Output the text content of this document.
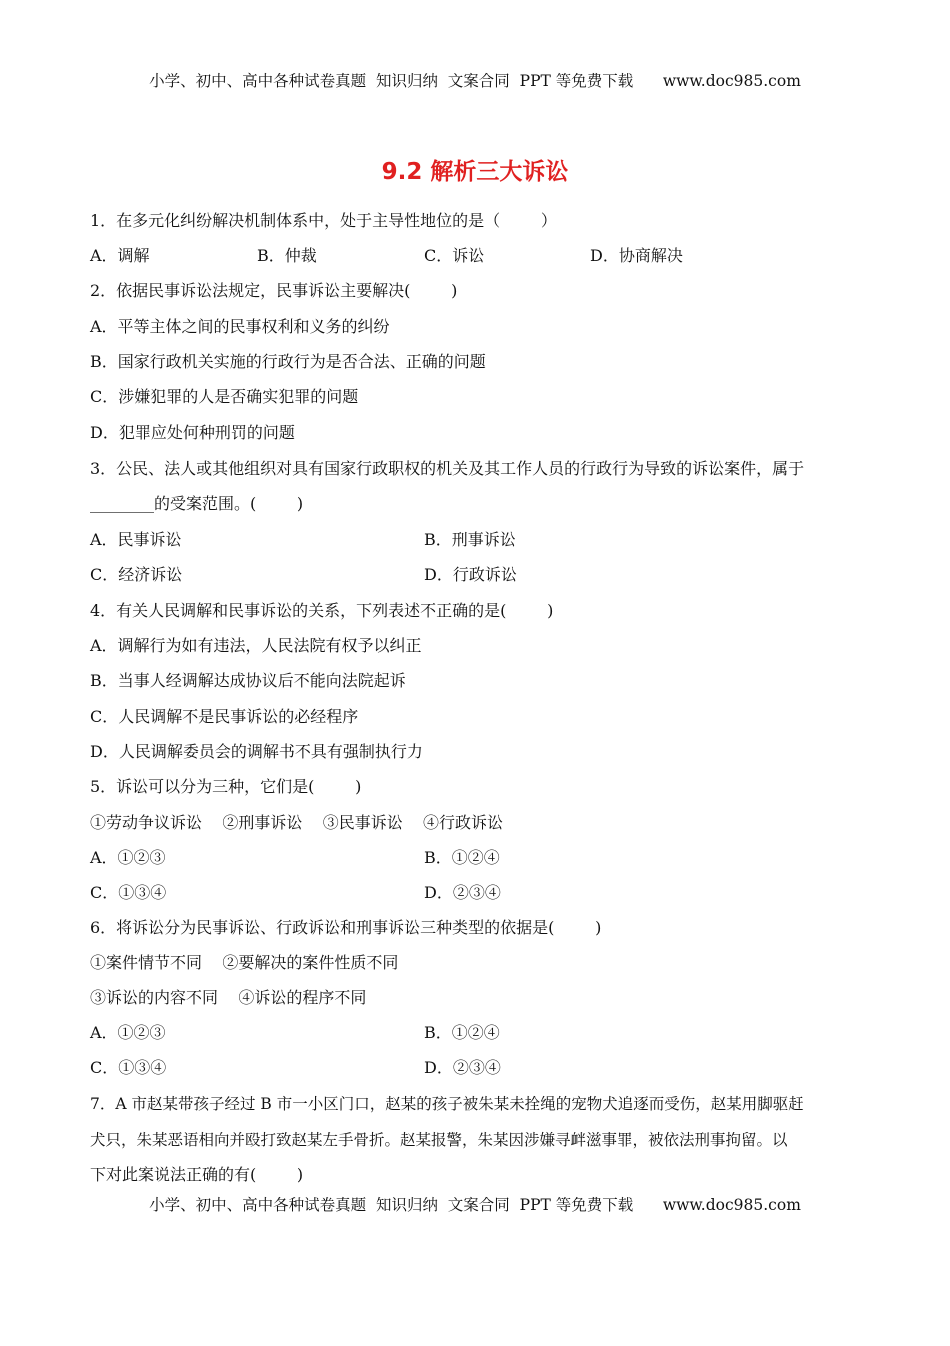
小学、初中、高中各种试卷真题  知识归纳  文案合同  PPT 等免费下载      www.doc985.com
9.2 解析三大诉讼
1．在多元化纠纷解决机制体系中，处于主导性地位的是（        ）
A．调解	B．仲裁	C．诉讼	D．协商解决
2．依据民事诉讼法规定，民事诉讼主要解决(        )
A．平等主体之间的民事权利和义务的纠纷
B．国家行政机关实施的行政行为是否合法、正确的问题
C．涉嫌犯罪的人是否确实犯罪的问题
D．犯罪应处何种刑罚的问题
3．公民、法人或其他组织对具有国家行政职权的机关及其工作人员的行政行为导致的诉讼案件，属于
________的受案范围。(        )
A．民事诉讼	B．刑事诉讼
C．经济诉讼	D．行政诉讼
4．有关人民调解和民事诉讼的关系，下列表述不正确的是(        )
A．调解行为如有违法，人民法院有权予以纠正
B．当事人经调解达成协议后不能向法院起诉
C．人民调解不是民事诉讼的必经程序
D．人民调解委员会的调解书不具有强制执行力
5．诉讼可以分为三种，它们是(        )
①劳动争议诉讼    ②刑事诉讼    ③民事诉讼    ④行政诉讼
A．①②③	B．①②④
C．①③④	D．②③④
6．将诉讼分为民事诉讼、行政诉讼和刑事诉讼三种类型的依据是(        )
①案件情节不同    ②要解决的案件性质不同
③诉讼的内容不同    ④诉讼的程序不同
A．①②③	B．①②④
C．①③④	D．②③④
7．A 市赵某带孩子经过 B 市一小区门口，赵某的孩子被朱某未拴绳的宠物犬追逐而受伤，赵某用脚驱赶
犬只，朱某恶语相向并殴打致赵某左手骨折。赵某报警，朱某因涉嫌寻衅滋事罪，被依法刑事拘留。以
下对此案说法正确的有(        )
小学、初中、高中各种试卷真题  知识归纳  文案合同  PPT 等免费下载      www.doc985.com
